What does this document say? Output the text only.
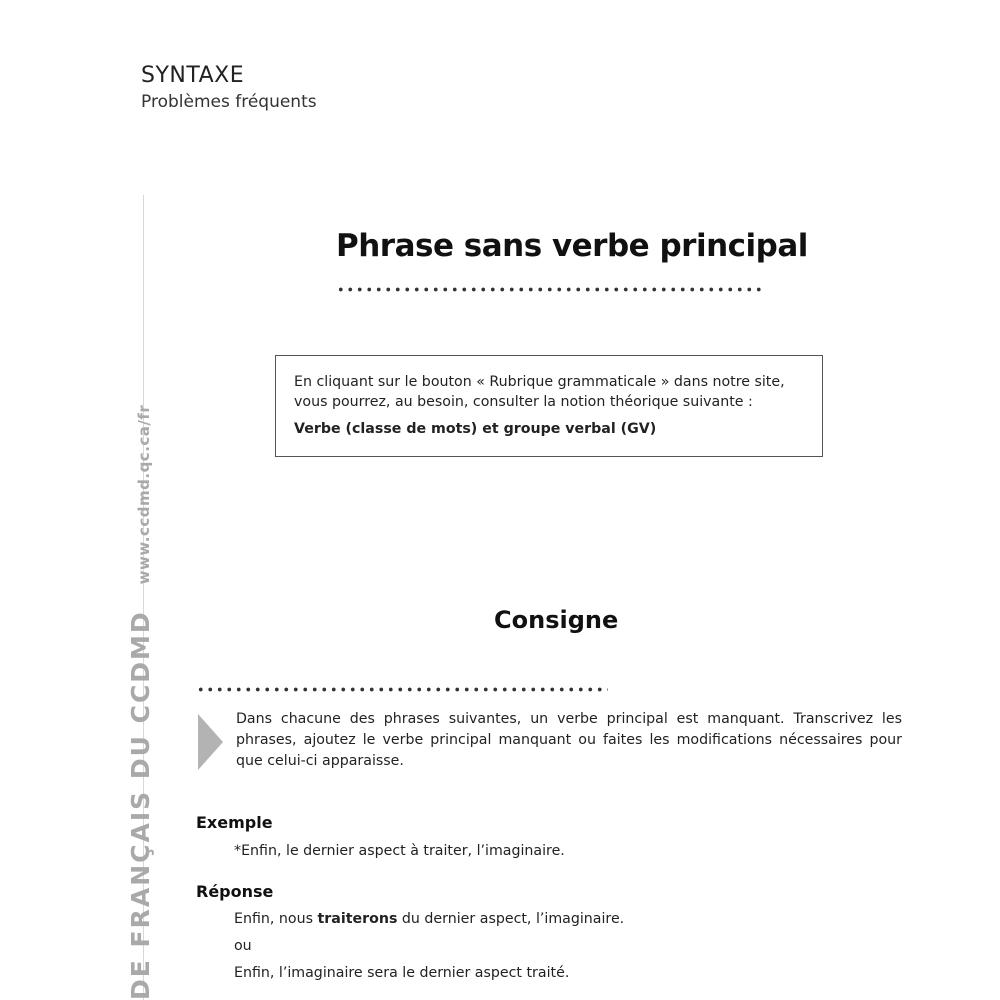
SYNTAXE
Problèmes fréquents
DE FRANÇAIS DU CCDMDwww.ccdmd.qc.ca/fr
Phrase sans verbe principal
En cliquant sur le bouton « Rubrique grammaticale » dans notre site,
vous pourrez, au besoin, consulter la notion théorique suivante :
Verbe (classe de mots) et groupe verbal (GV)
Consigne
Dans chacune des phrases suivantes, un verbe principal est manquant. Transcrivez les phrases, ajoutez le verbe principal manquant ou faites les modifications nécessaires pour que celui-ci apparaisse.
Exemple
*Enfin, le dernier aspect à traiter, l’imaginaire.
Réponse
Enfin, nous traiterons du dernier aspect, l’imaginaire.
ou
Enfin, l’imaginaire sera le dernier aspect traité.
